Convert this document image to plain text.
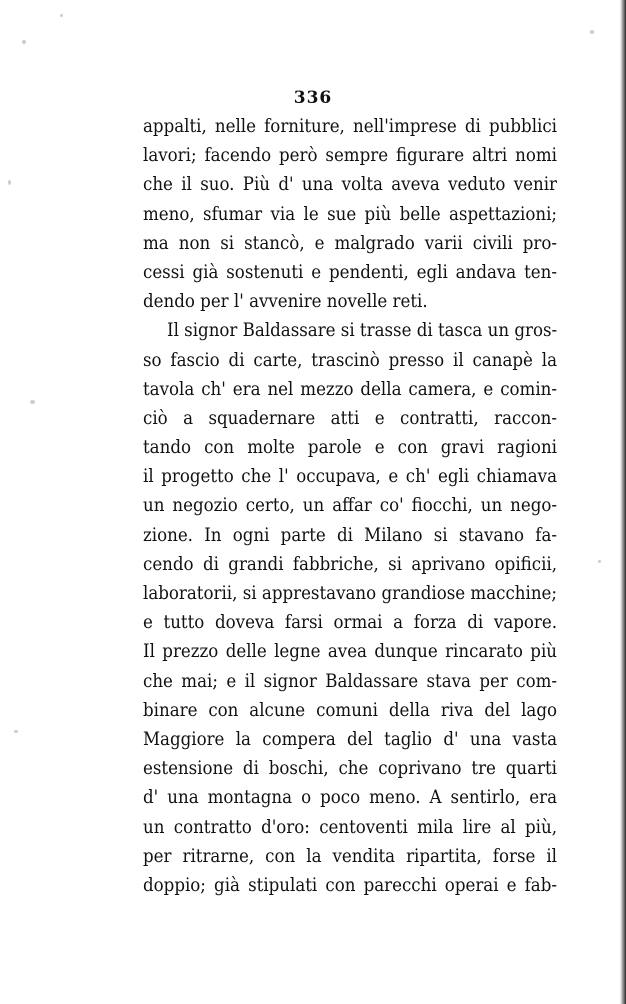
336
appalti, nelle forniture, nell'imprese di pubblici
lavori; facendo però sempre figurare altri nomi
che il suo. Più d' una volta aveva veduto venir
meno, sfumar via le sue più belle aspettazioni;
ma non si stancò, e malgrado varii civili pro-
cessi già sostenuti e pendenti, egli andava ten-
dendo per l' avvenire novelle reti.
Il signor Baldassare si trasse di tasca un gros-
so fascio di carte, trascinò presso il canapè la
tavola ch' era nel mezzo della camera, e comin-
ciò a squadernare atti e contratti, raccon-
tando con molte parole e con gravi ragioni
il progetto che l' occupava, e ch' egli chiamava
un negozio certo, un affar co' fiocchi, un nego-
zione. In ogni parte di Milano si stavano fa-
cendo di grandi fabbriche, si aprivano opificii,
laboratorii, si apprestavano grandiose macchine;
e tutto doveva farsi ormai a forza di vapore.
Il prezzo delle legne avea dunque rincarato più
che mai; e il signor Baldassare stava per com-
binare con alcune comuni della riva del lago
Maggiore la compera del taglio d' una vasta
estensione di boschi, che coprivano tre quarti
d' una montagna o poco meno. A sentirlo, era
un contratto d'oro: centoventi mila lire al più,
per ritrarne, con la vendita ripartita, forse il
doppio; già stipulati con parecchi operai e fab-
